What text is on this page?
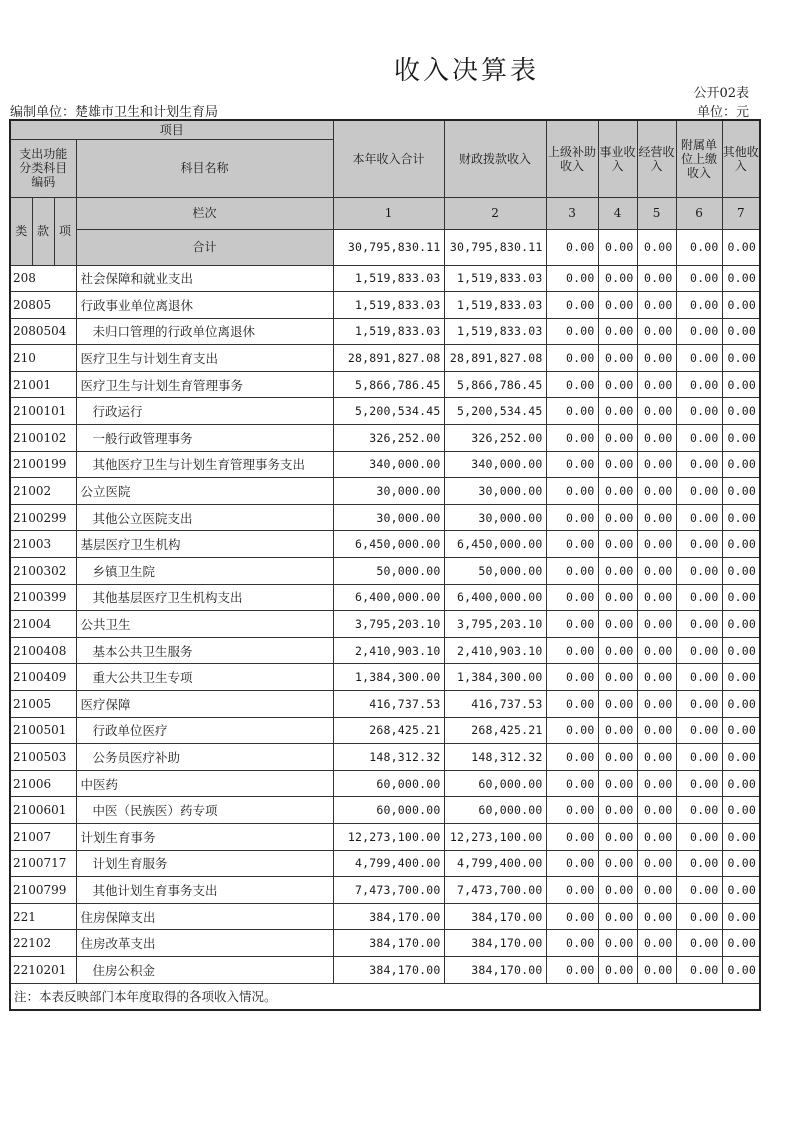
收入决算表
公开02表
编制单位：楚雄市卫生和计划生育局	单位：元
项目				本年收入合计	财政拨款收入	上级补助收入	事业收入	经营收入	附属单位上缴收入	其他收入
支出功能分类科目编码			科目名称							
类	款	项	栏次	1	2	3	4	5	6	7
			合计	30,795,830.11	30,795,830.11	0.00	0.00	0.00	0.00	0.00
208			社会保障和就业支出	1,519,833.03	1,519,833.03	0.00	0.00	0.00	0.00	0.00
20805			行政事业单位离退休	1,519,833.03	1,519,833.03	0.00	0.00	0.00	0.00	0.00
2080504			未归口管理的行政单位离退休	1,519,833.03	1,519,833.03	0.00	0.00	0.00	0.00	0.00
210			医疗卫生与计划生育支出	28,891,827.08	28,891,827.08	0.00	0.00	0.00	0.00	0.00
21001			医疗卫生与计划生育管理事务	5,866,786.45	5,866,786.45	0.00	0.00	0.00	0.00	0.00
2100101			行政运行	5,200,534.45	5,200,534.45	0.00	0.00	0.00	0.00	0.00
2100102			一般行政管理事务	326,252.00	326,252.00	0.00	0.00	0.00	0.00	0.00
2100199			其他医疗卫生与计划生育管理事务支出	340,000.00	340,000.00	0.00	0.00	0.00	0.00	0.00
21002			公立医院	30,000.00	30,000.00	0.00	0.00	0.00	0.00	0.00
2100299			其他公立医院支出	30,000.00	30,000.00	0.00	0.00	0.00	0.00	0.00
21003			基层医疗卫生机构	6,450,000.00	6,450,000.00	0.00	0.00	0.00	0.00	0.00
2100302			乡镇卫生院	50,000.00	50,000.00	0.00	0.00	0.00	0.00	0.00
2100399			其他基层医疗卫生机构支出	6,400,000.00	6,400,000.00	0.00	0.00	0.00	0.00	0.00
21004			公共卫生	3,795,203.10	3,795,203.10	0.00	0.00	0.00	0.00	0.00
2100408			基本公共卫生服务	2,410,903.10	2,410,903.10	0.00	0.00	0.00	0.00	0.00
2100409			重大公共卫生专项	1,384,300.00	1,384,300.00	0.00	0.00	0.00	0.00	0.00
21005			医疗保障	416,737.53	416,737.53	0.00	0.00	0.00	0.00	0.00
2100501			行政单位医疗	268,425.21	268,425.21	0.00	0.00	0.00	0.00	0.00
2100503			公务员医疗补助	148,312.32	148,312.32	0.00	0.00	0.00	0.00	0.00
21006			中医药	60,000.00	60,000.00	0.00	0.00	0.00	0.00	0.00
2100601			中医（民族医）药专项	60,000.00	60,000.00	0.00	0.00	0.00	0.00	0.00
21007			计划生育事务	12,273,100.00	12,273,100.00	0.00	0.00	0.00	0.00	0.00
2100717			计划生育服务	4,799,400.00	4,799,400.00	0.00	0.00	0.00	0.00	0.00
2100799			其他计划生育事务支出	7,473,700.00	7,473,700.00	0.00	0.00	0.00	0.00	0.00
221			住房保障支出	384,170.00	384,170.00	0.00	0.00	0.00	0.00	0.00
22102			住房改革支出	384,170.00	384,170.00	0.00	0.00	0.00	0.00	0.00
2210201			住房公积金	384,170.00	384,170.00	0.00	0.00	0.00	0.00	0.00
注：本表反映部门本年度取得的各项收入情况。										
